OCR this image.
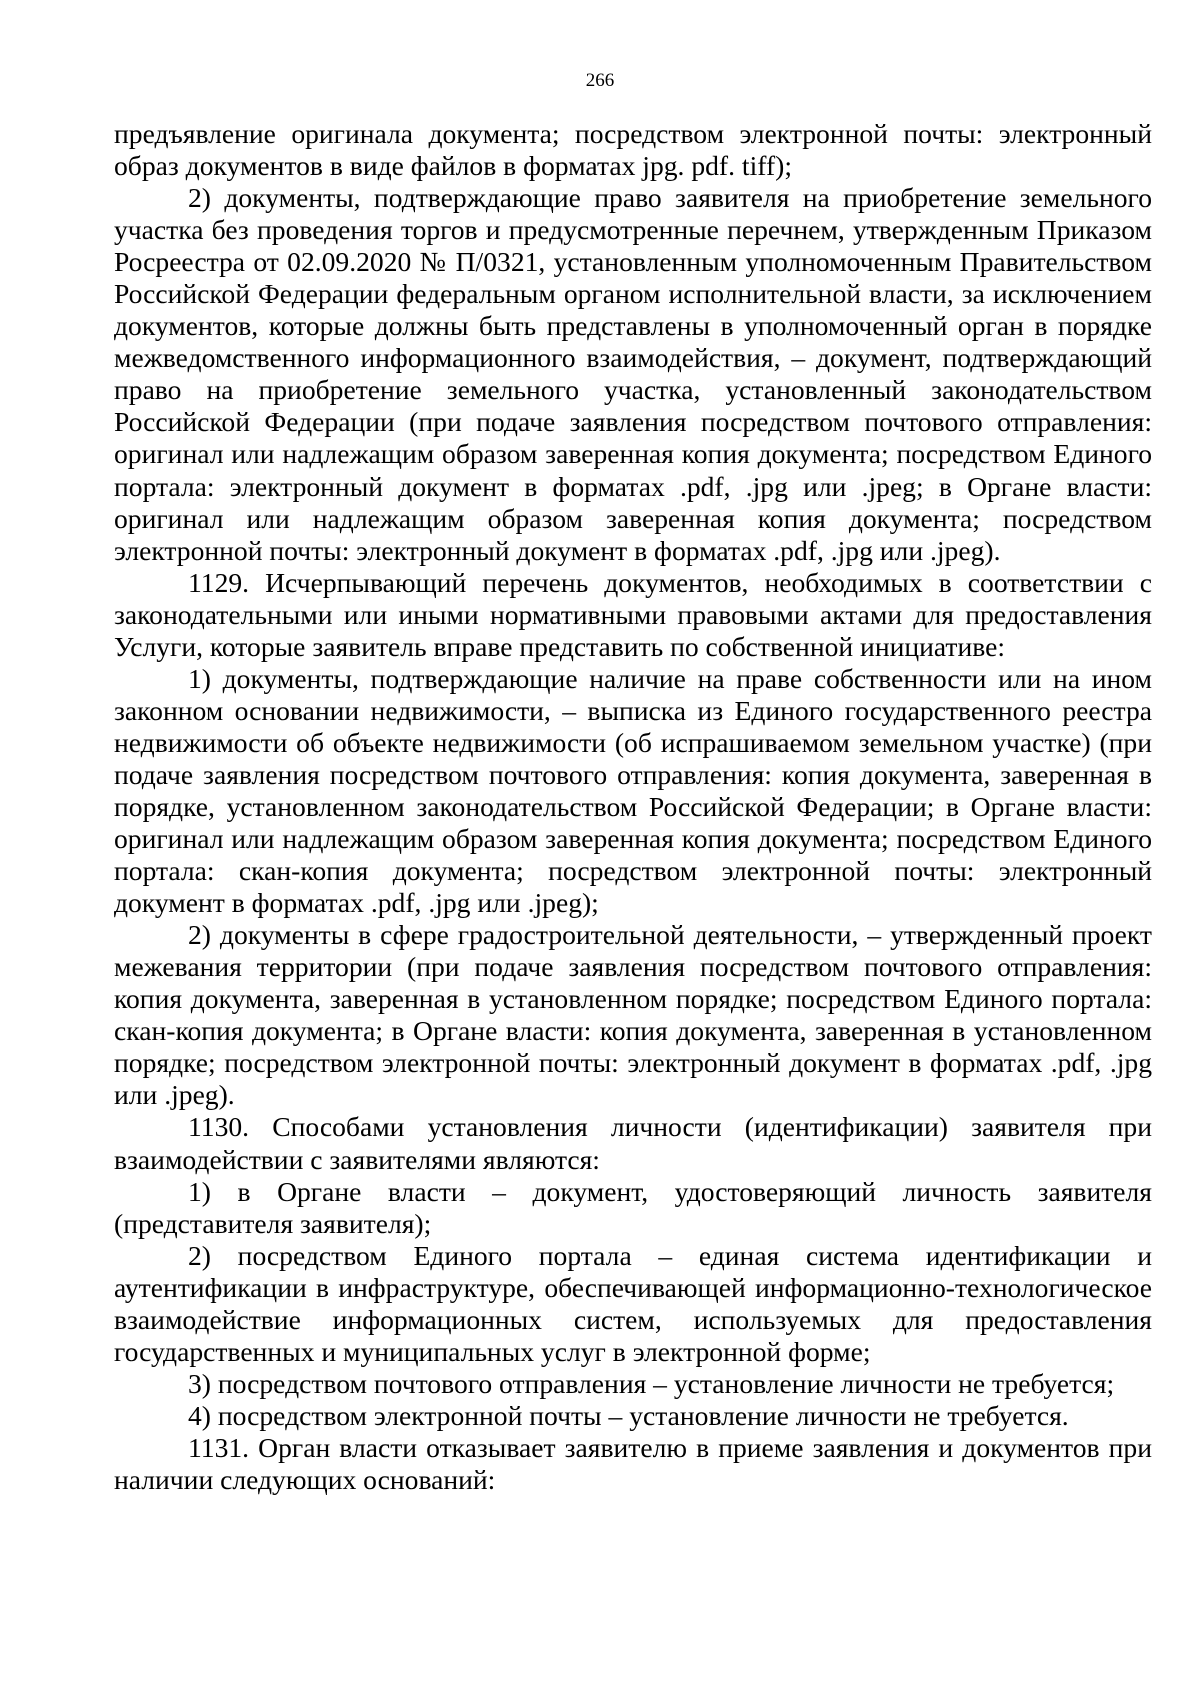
266

предъявление оригинала документа; посредством электронной почты: электронный образ документов в виде файлов в форматах jpg. pdf. tiff);

2) документы, подтверждающие право заявителя на приобретение земельного участка без проведения торгов и предусмотренные перечнем, утвержденным Приказом Росреестра от 02.09.2020 № П/0321, установленным уполномоченным Правительством Российской Федерации федеральным органом исполнительной власти, за исключением документов, которые должны быть представлены в уполномоченный орган в порядке межведомственного информационного взаимодействия, – документ, подтверждающий право на приобретение земельного участка, установленный законодательством Российской Федерации (при подаче заявления посредством почтового отправления: оригинал или надлежащим образом заверенная копия документа; посредством Единого портала: электронный документ в форматах .pdf, .jpg или .jpeg; в Органе власти: оригинал или надлежащим образом заверенная копия документа; посредством электронной почты: электронный документ в форматах .pdf, .jpg или .jpeg).

1129. Исчерпывающий перечень документов, необходимых в соответствии с законодательными или иными нормативными правовыми актами для предоставления Услуги, которые заявитель вправе представить по собственной инициативе:

1) документы, подтверждающие наличие на праве собственности или на ином законном основании недвижимости, – выписка из Единого государственного реестра недвижимости об объекте недвижимости (об испрашиваемом земельном участке) (при подаче заявления посредством почтового отправления: копия документа, заверенная в порядке, установленном законодательством Российской Федерации; в Органе власти: оригинал или надлежащим образом заверенная копия документа; посредством Единого портала: скан-копия документа; посредством электронной почты: электронный документ в форматах .pdf, .jpg или .jpeg);

2) документы в сфере градостроительной деятельности, – утвержденный проект межевания территории (при подаче заявления посредством почтового отправления: копия документа, заверенная в установленном порядке; посредством Единого портала: скан-копия документа; в Органе власти: копия документа, заверенная в установленном порядке; посредством электронной почты: электронный документ в форматах .pdf, .jpg или .jpeg).

1130. Способами установления личности (идентификации) заявителя при взаимодействии с заявителями являются:

1) в Органе власти – документ, удостоверяющий личность заявителя (представителя заявителя);

2) посредством Единого портала – единая система идентификации и аутентификации в инфраструктуре, обеспечивающей информационно-технологическое взаимодействие информационных систем, используемых для предоставления государственных и муниципальных услуг в электронной форме;

3) посредством почтового отправления – установление личности не требуется;

4) посредством электронной почты – установление личности не требуется.

1131. Орган власти отказывает заявителю в приеме заявления и документов при наличии следующих оснований:
